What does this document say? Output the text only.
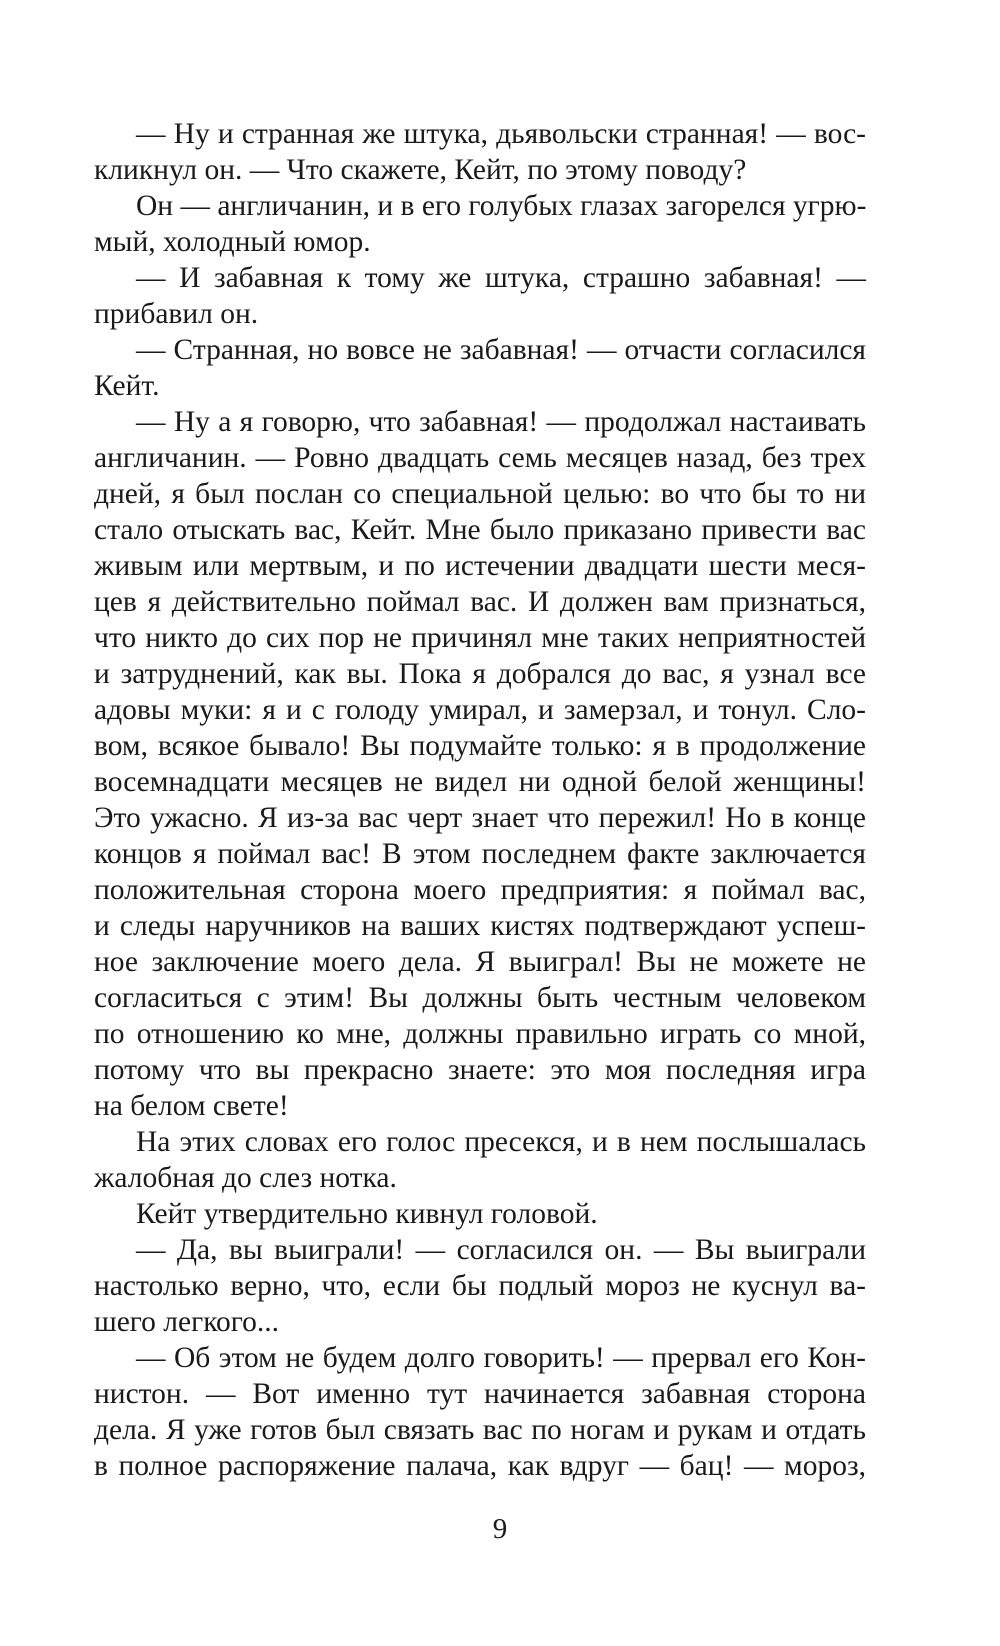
— Ну и странная же штука, дьявольски странная! — вос-
кликнул он. — Что скажете, Кейт, по этому поводу?
Он — англичанин, и в его голубых глазах загорелся угрю-
мый, холодный юмор.
— И забавная к тому же штука, страшно забавная! —
прибавил он.
— Странная, но вовсе не забавная! — отчасти согласился
Кейт.
— Ну а я говорю, что забавная! — продолжал настаивать
англичанин. — Ровно двадцать семь месяцев назад, без трех
дней, я был послан со специальной целью: во что бы то ни
стало отыскать вас, Кейт. Мне было приказано привести вас
живым или мертвым, и по истечении двадцати шести меся-
цев я действительно поймал вас. И должен вам признаться,
что никто до сих пор не причинял мне таких неприятностей
и затруднений, как вы. Пока я добрался до вас, я узнал все
адовы муки: я и с голоду умирал, и замерзал, и тонул. Сло-
вом, всякое бывало! Вы подумайте только: я в продолжение
восемнадцати месяцев не видел ни одной белой женщины!
Это ужасно. Я из-за вас черт знает что пережил! Но в конце
концов я поймал вас! В этом последнем факте заключается
положительная сторона моего предприятия: я поймал вас,
и следы наручников на ваших кистях подтверждают успеш-
ное заключение моего дела. Я выиграл! Вы не можете не
согласиться с этим! Вы должны быть честным человеком
по отношению ко мне, должны правильно играть со мной,
потому что вы прекрасно знаете: это моя последняя игра
на белом свете!
На этих словах его голос пресекся, и в нем послышалась
жалобная до слез нотка.
Кейт утвердительно кивнул головой.
— Да, вы выиграли! — согласился он. — Вы выиграли
настолько верно, что, если бы подлый мороз не куснул ва-
шего легкого...
— Об этом не будем долго говорить! — прервал его Кон-
нистон. — Вот именно тут начинается забавная сторона
дела. Я уже готов был связать вас по ногам и рукам и отдать
в полное распоряжение палача, как вдруг — бац! — мороз,
9
